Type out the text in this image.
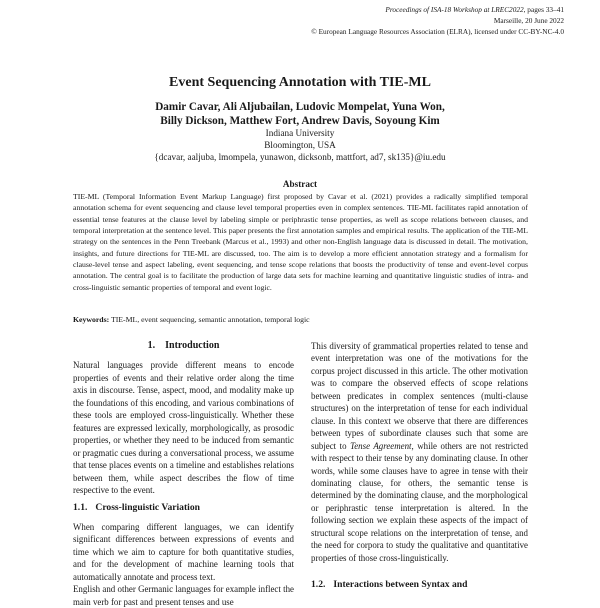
Proceedings of ISA-18 Workshop at LREC2022, pages 33–41
Marseille, 20 June 2022
© European Language Resources Association (ELRA), licensed under CC-BY-NC-4.0
Event Sequencing Annotation with TIE-ML
Damir Cavar, Ali Aljubailan, Ludovic Mompelat, Yuna Won,
Billy Dickson, Matthew Fort, Andrew Davis, Soyoung Kim
Indiana University
Bloomington, USA
{dcavar, aaljuba, lmompela, yunawon, dicksonb, mattfort, ad7, sk135}@iu.edu
Abstract

TIE-ML (Temporal Information Event Markup Language) first proposed by Cavar et al. (2021) provides a radically simplified temporal annotation schema for event sequencing and clause level temporal properties even in complex sentences. TIE-ML facilitates rapid annotation of essential tense features at the clause level by labeling simple or periphrastic tense properties, as well as scope relations between clauses, and temporal interpretation at the sentence level. This paper presents the first annotation samples and empirical results. The application of the TIE-ML strategy on the sentences in the Penn Treebank (Marcus et al., 1993) and other non-English language data is discussed in detail. The motivation, insights, and future directions for TIE-ML are discussed, too. The aim is to develop a more efficient annotation strategy and a formalism for clause-level tense and aspect labeling, event sequencing, and tense scope relations that boosts the productivity of tense and event-level corpus annotation. The central goal is to facilitate the production of large data sets for machine learning and quantitative linguistic studies of intra- and cross-linguistic semantic properties of temporal and event logic.

Keywords: TIE-ML, event sequencing, semantic annotation, temporal logic

1. Introduction

Natural languages provide different means to encode properties of events and their relative order along the time axis in discourse. Tense, aspect, mood, and modality make up the foundations of this encoding, and various combinations of these tools are employed cross-linguistically. Whether these features are expressed lexically, morphologically, as prosodic properties, or whether they need to be induced from semantic or pragmatic cues during a conversational process, we assume that tense places events on a timeline and establishes relations between them, while aspect describes the flow of time respective to the event.

1.1. Cross-linguistic Variation

When comparing different languages, we can identify significant differences between expressions of events and time which we aim to capture for both quantitative studies, and for the development of machine learning tools that automatically annotate and process text.

English and other Germanic languages for example inflect the main verb for past and present tenses and use

This diversity of grammatical properties related to tense and event interpretation was one of the motivations for the corpus project discussed in this article. The other motivation was to compare the observed effects of scope relations between predicates in complex sentences (multi-clause structures) on the interpretation of tense for each individual clause. In this context we observe that there are differences between types of subordinate clauses such that some are subject to Tense Agreement, while others are not restricted with respect to their tense by any dominating clause. In other words, while some clauses have to agree in tense with their dominating clause, for others, the semantic tense is determined by the dominating clause, and the morphological or periphrastic tense interpretation is altered. In the following section we explain these aspects of the impact of structural scope relations on the interpretation of tense, and the need for corpora to study the qualitative and quantitative properties of those cross-linguistically.

1.2. Interactions between Syntax and
